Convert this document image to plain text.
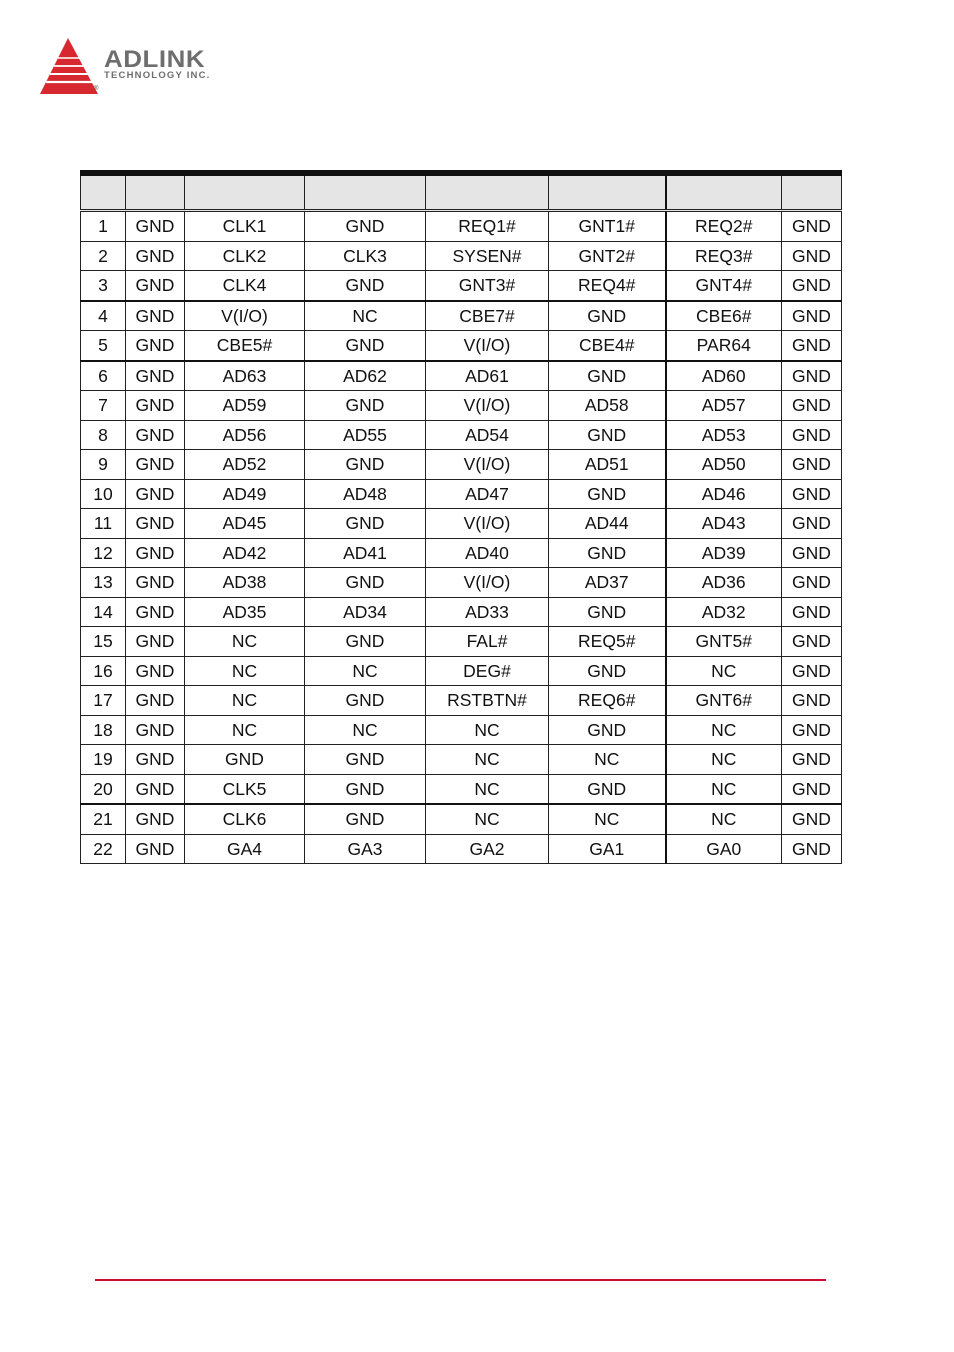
ADLINK
TECHNOLOGY INC.
®

1	GND	CLK1	GND	REQ1#	GNT1#	REQ2#	GND
2	GND	CLK2	CLK3	SYSEN#	GNT2#	REQ3#	GND
3	GND	CLK4	GND	GNT3#	REQ4#	GNT4#	GND
4	GND	V(I/O)	NC	CBE7#	GND	CBE6#	GND
5	GND	CBE5#	GND	V(I/O)	CBE4#	PAR64	GND
6	GND	AD63	AD62	AD61	GND	AD60	GND
7	GND	AD59	GND	V(I/O)	AD58	AD57	GND
8	GND	AD56	AD55	AD54	GND	AD53	GND
9	GND	AD52	GND	V(I/O)	AD51	AD50	GND
10	GND	AD49	AD48	AD47	GND	AD46	GND
11	GND	AD45	GND	V(I/O)	AD44	AD43	GND
12	GND	AD42	AD41	AD40	GND	AD39	GND
13	GND	AD38	GND	V(I/O)	AD37	AD36	GND
14	GND	AD35	AD34	AD33	GND	AD32	GND
15	GND	NC	GND	FAL#	REQ5#	GNT5#	GND
16	GND	NC	NC	DEG#	GND	NC	GND
17	GND	NC	GND	RSTBTN#	REQ6#	GNT6#	GND
18	GND	NC	NC	NC	GND	NC	GND
19	GND	GND	GND	NC	NC	NC	GND
20	GND	CLK5	GND	NC	GND	NC	GND
21	GND	CLK6	GND	NC	NC	NC	GND
22	GND	GA4	GA3	GA2	GA1	GA0	GND
